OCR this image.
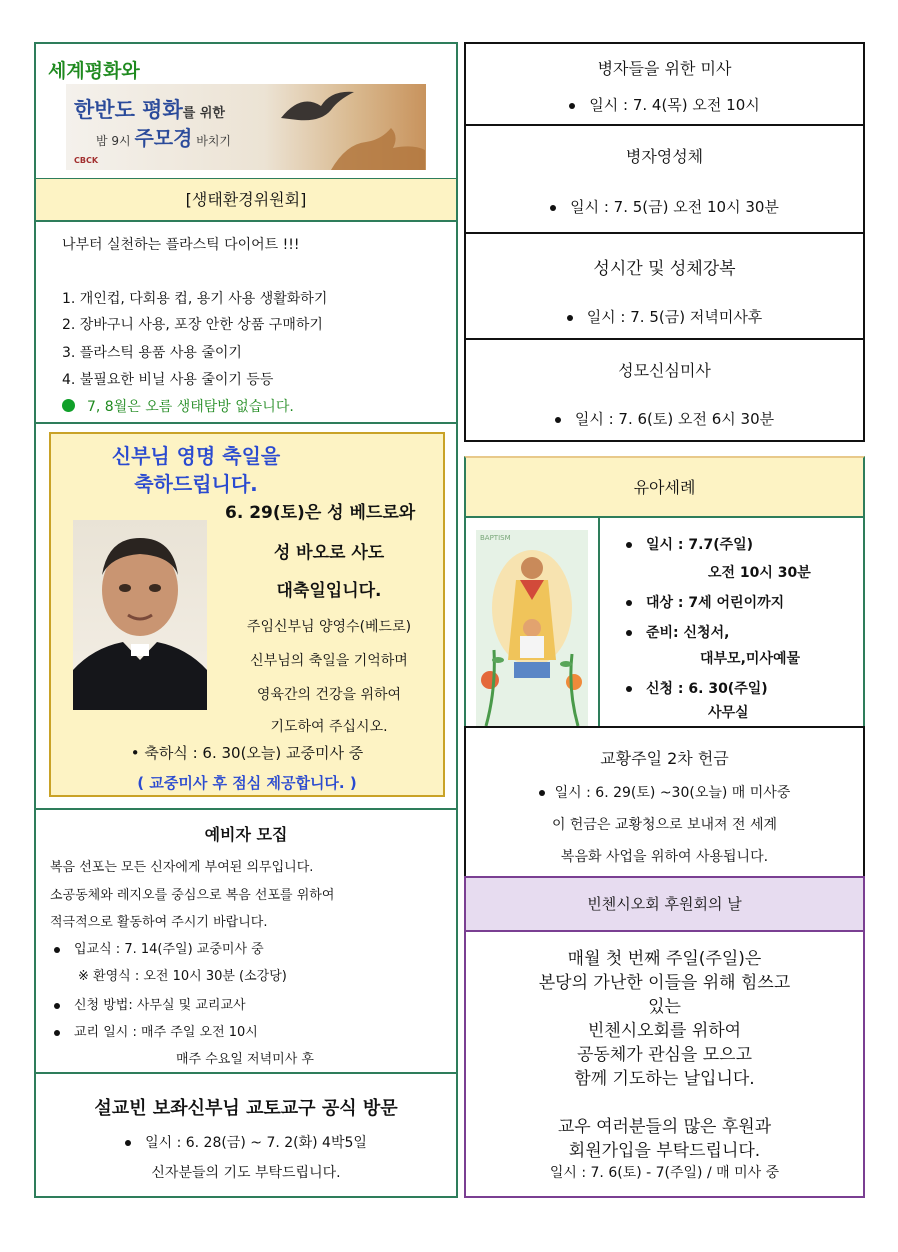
세계평화와
한반도 평화를 위한
밤 9시 주모경 바치기
CBCK
[생태환경위원회]
나부터 실천하는 플라스틱 다이어트 !!!
1. 개인컵, 다회용 컵, 용기 사용 생활화하기
2. 장바구니 사용, 포장 안한 상품 구매하기
3. 플라스틱 용품 사용 줄이기
4. 불필요한 비닐 사용 줄이기 등등
7, 8월은 오름 생태탐방 없습니다.
신부님 영명 축일을
축하드립니다.
6. 29(토)은 성 베드로와
성 바오로 사도
대축일입니다.
주임신부님 양영수(베드로)
신부님의 축일을 기억하며
영육간의 건강을 위하여
기도하여 주십시오.
• 축하식 : 6. 30(오늘) 교중미사 중
( 교중미사 후 점심 제공합니다. )
예비자 모집
복음 선포는 모든 신자에게 부여된 의무입니다.
소공동체와 레지오를 중심으로 복음 선포를 위하여
적극적으로 활동하여 주시기 바랍니다.
입교식 : 7. 14(주일) 교중미사 중
※ 환영식 : 오전 10시 30분 (소강당)
신청 방법: 사무실 및 교리교사
교리 일시 : 매주 주일 오전 10시
매주 수요일 저녁미사 후
설교빈 보좌신부님 교토교구 공식 방문
일시 : 6. 28(금) ~ 7. 2(화) 4박5일
신자분들의 기도 부탁드립니다.
병자들을 위한 미사
일시 : 7. 4(목) 오전 10시
병자영성체
일시 : 7. 5(금) 오전 10시 30분
성시간 및 성체강복
일시 : 7. 5(금) 저녁미사후
성모신심미사
일시 : 7. 6(토) 오전 6시 30분
유아세례
BAPTISM	일시 : 7.7(주일)
오전 10시 30분
대상 : 7세 어린이까지
준비: 신청서,
대부모,미사예물
신청 : 6. 30(주일)
사무실
교황주일 2차 헌금
일시 : 6. 29(토) ~30(오늘) 매 미사중
이 헌금은 교황청으로 보내져 전 세계
복음화 사업을 위하여 사용됩니다.
빈첸시오회 후원회의 날
매월 첫 번째 주일(주일)은
본당의 가난한 이들을 위해 힘쓰고
있는
빈첸시오회를 위하여
공동체가 관심을 모으고
함께 기도하는 날입니다.
교우 여러분들의 많은 후원과
회원가입을 부탁드립니다.
일시 : 7. 6(토) - 7(주일) / 매 미사 중
